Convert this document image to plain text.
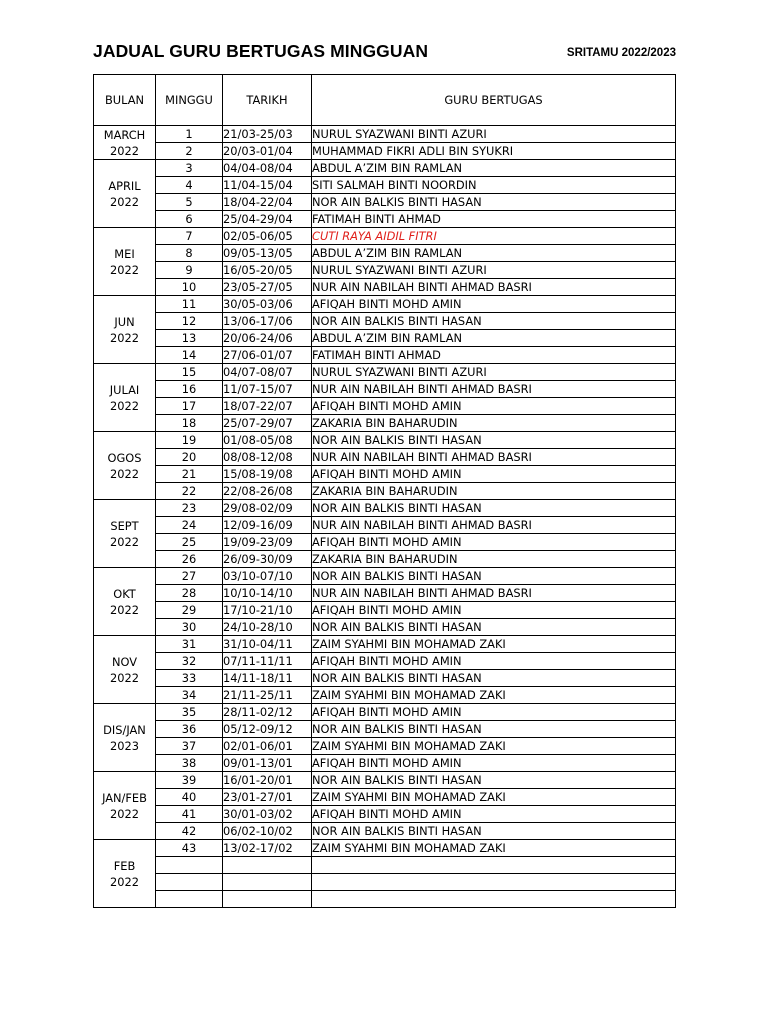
JADUAL GURU BERTUGAS MINGGUAN	SRITAMU 2022/2023
BULAN	MINGGU	TARIKH	GURU BERTUGAS
MARCH
2022	1	21/03-25/03	NURUL SYAZWANI BINTI AZURI
	2	20/03-01/04	MUHAMMAD FIKRI ADLI BIN SYUKRI
APRIL
2022	3	04/04-08/04	ABDUL A’ZIM BIN RAMLAN
	4	11/04-15/04	SITI SALMAH BINTI NOORDIN
	5	18/04-22/04	NOR AIN BALKIS BINTI HASAN
	6	25/04-29/04	FATIMAH BINTI AHMAD
MEI
2022	7	02/05-06/05	CUTI RAYA AIDIL FITRI
	8	09/05-13/05	ABDUL A’ZIM BIN RAMLAN
	9	16/05-20/05	NURUL SYAZWANI BINTI AZURI
	10	23/05-27/05	NUR AIN NABILAH BINTI AHMAD BASRI
JUN
2022	11	30/05-03/06	AFIQAH BINTI MOHD AMIN
	12	13/06-17/06	NOR AIN BALKIS BINTI HASAN
	13	20/06-24/06	ABDUL A’ZIM BIN RAMLAN
	14	27/06-01/07	FATIMAH BINTI AHMAD
JULAI
2022	15	04/07-08/07	NURUL SYAZWANI BINTI AZURI
	16	11/07-15/07	NUR AIN NABILAH BINTI AHMAD BASRI
	17	18/07-22/07	AFIQAH BINTI MOHD AMIN
	18	25/07-29/07	ZAKARIA BIN BAHARUDIN
OGOS
2022	19	01/08-05/08	NOR AIN BALKIS BINTI HASAN
	20	08/08-12/08	NUR AIN NABILAH BINTI AHMAD BASRI
	21	15/08-19/08	AFIQAH BINTI MOHD AMIN
	22	22/08-26/08	ZAKARIA BIN BAHARUDIN
SEPT
2022	23	29/08-02/09	NOR AIN BALKIS BINTI HASAN
	24	12/09-16/09	NUR AIN NABILAH BINTI AHMAD BASRI
	25	19/09-23/09	AFIQAH BINTI MOHD AMIN
	26	26/09-30/09	ZAKARIA BIN BAHARUDIN
OKT
2022	27	03/10-07/10	NOR AIN BALKIS BINTI HASAN
	28	10/10-14/10	NUR AIN NABILAH BINTI AHMAD BASRI
	29	17/10-21/10	AFIQAH BINTI MOHD AMIN
	30	24/10-28/10	NOR AIN BALKIS BINTI HASAN
NOV
2022	31	31/10-04/11	ZAIM SYAHMI BIN MOHAMAD ZAKI
	32	07/11-11/11	AFIQAH BINTI MOHD AMIN
	33	14/11-18/11	NOR AIN BALKIS BINTI HASAN
	34	21/11-25/11	ZAIM SYAHMI BIN MOHAMAD ZAKI
DIS/JAN
2023	35	28/11-02/12	AFIQAH BINTI MOHD AMIN
	36	05/12-09/12	NOR AIN BALKIS BINTI HASAN
	37	02/01-06/01	ZAIM SYAHMI BIN MOHAMAD ZAKI
	38	09/01-13/01	AFIQAH BINTI MOHD AMIN
JAN/FEB
2022	39	16/01-20/01	NOR AIN BALKIS BINTI HASAN
	40	23/01-27/01	ZAIM SYAHMI BIN MOHAMAD ZAKI
	41	30/01-03/02	AFIQAH BINTI MOHD AMIN
	42	06/02-10/02	NOR AIN BALKIS BINTI HASAN
FEB
2022	43	13/02-17/02	ZAIM SYAHMI BIN MOHAMAD ZAKI
